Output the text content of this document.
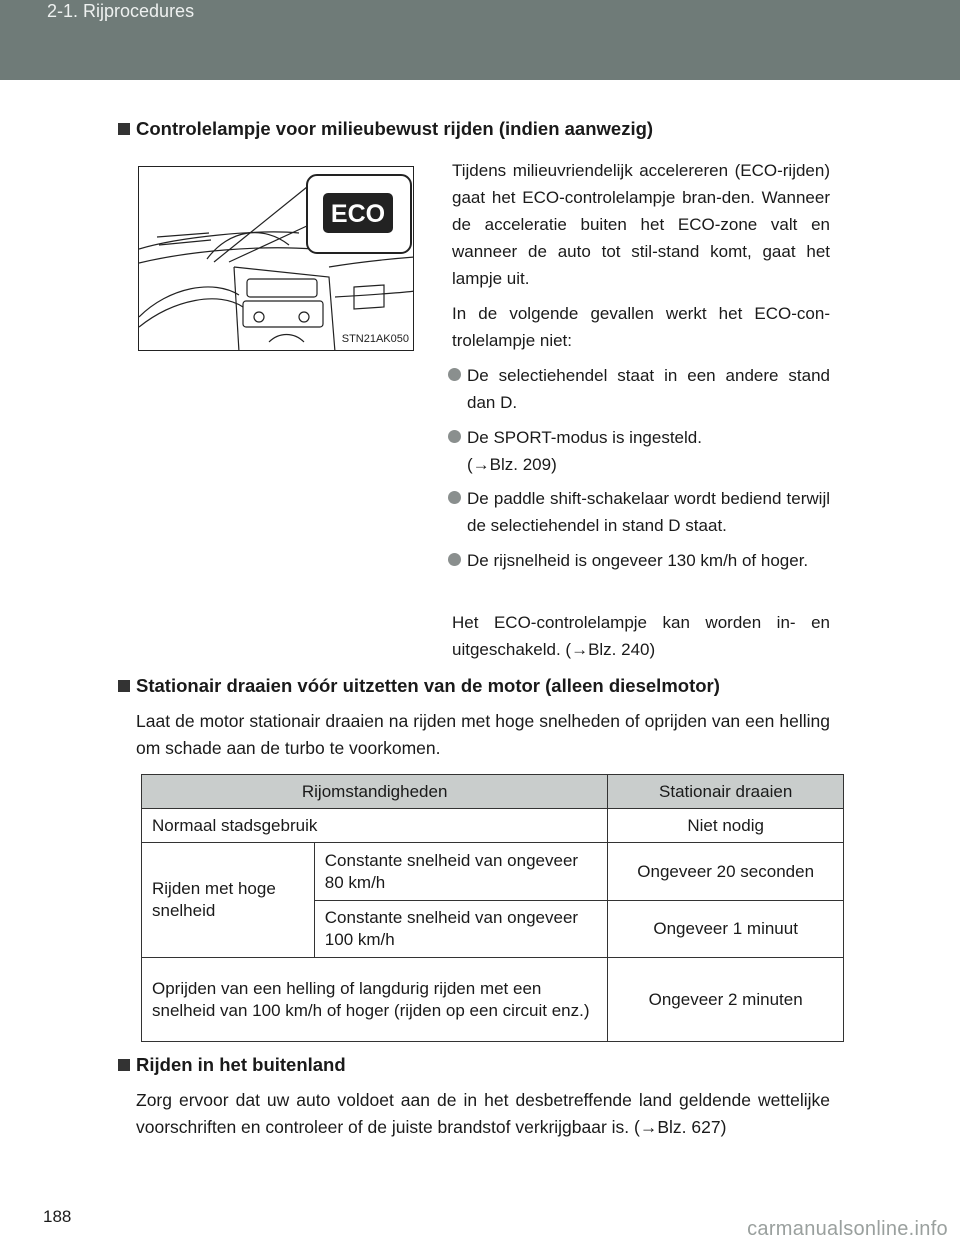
2-1. Rijprocedures
Controlelampje voor milieubewust rijden (indien aanwezig)
ECO
STN21AK050
Tijdens milieuvriendelijk accelereren (ECO-rijden) gaat het ECO-controlelampje bran-den. Wanneer de acceleratie buiten het ECO-zone valt en wanneer de auto tot stil-stand komt, gaat het lampje uit.
In de volgende gevallen werkt het ECO-con-trolelampje niet:
De selectiehendel staat in een andere stand dan D.
De SPORT-modus is ingesteld. (→Blz. 209)
De paddle shift-schakelaar wordt bediend terwijl de selectiehendel in stand D staat.
De rijsnelheid is ongeveer 130 km/h of hoger.
Het ECO-controlelampje kan worden in- en uitgeschakeld. (→Blz. 240)
Stationair draaien vóór uitzetten van de motor (alleen dieselmotor)
Laat de motor stationair draaien na rijden met hoge snelheden of oprijden van een helling om schade aan de turbo te voorkomen.
Rijomstandigheden		Stationair draaien
Normaal stadsgebruik		Niet nodig
Rijden met hoge snelheid	Constante snelheid van ongeveer 80 km/h	Ongeveer 20 seconden
	Constante snelheid van ongeveer 100 km/h	Ongeveer 1 minuut
Oprijden van een helling of langdurig rijden met een snelheid van 100 km/h of hoger (rijden op een circuit enz.)		Ongeveer 2 minuten
Rijden in het buitenland
Zorg ervoor dat uw auto voldoet aan de in het desbetreffende land geldende wettelijke voorschriften en controleer of de juiste brandstof verkrijgbaar is. (→Blz. 627)
188
carmanualsonline.info
